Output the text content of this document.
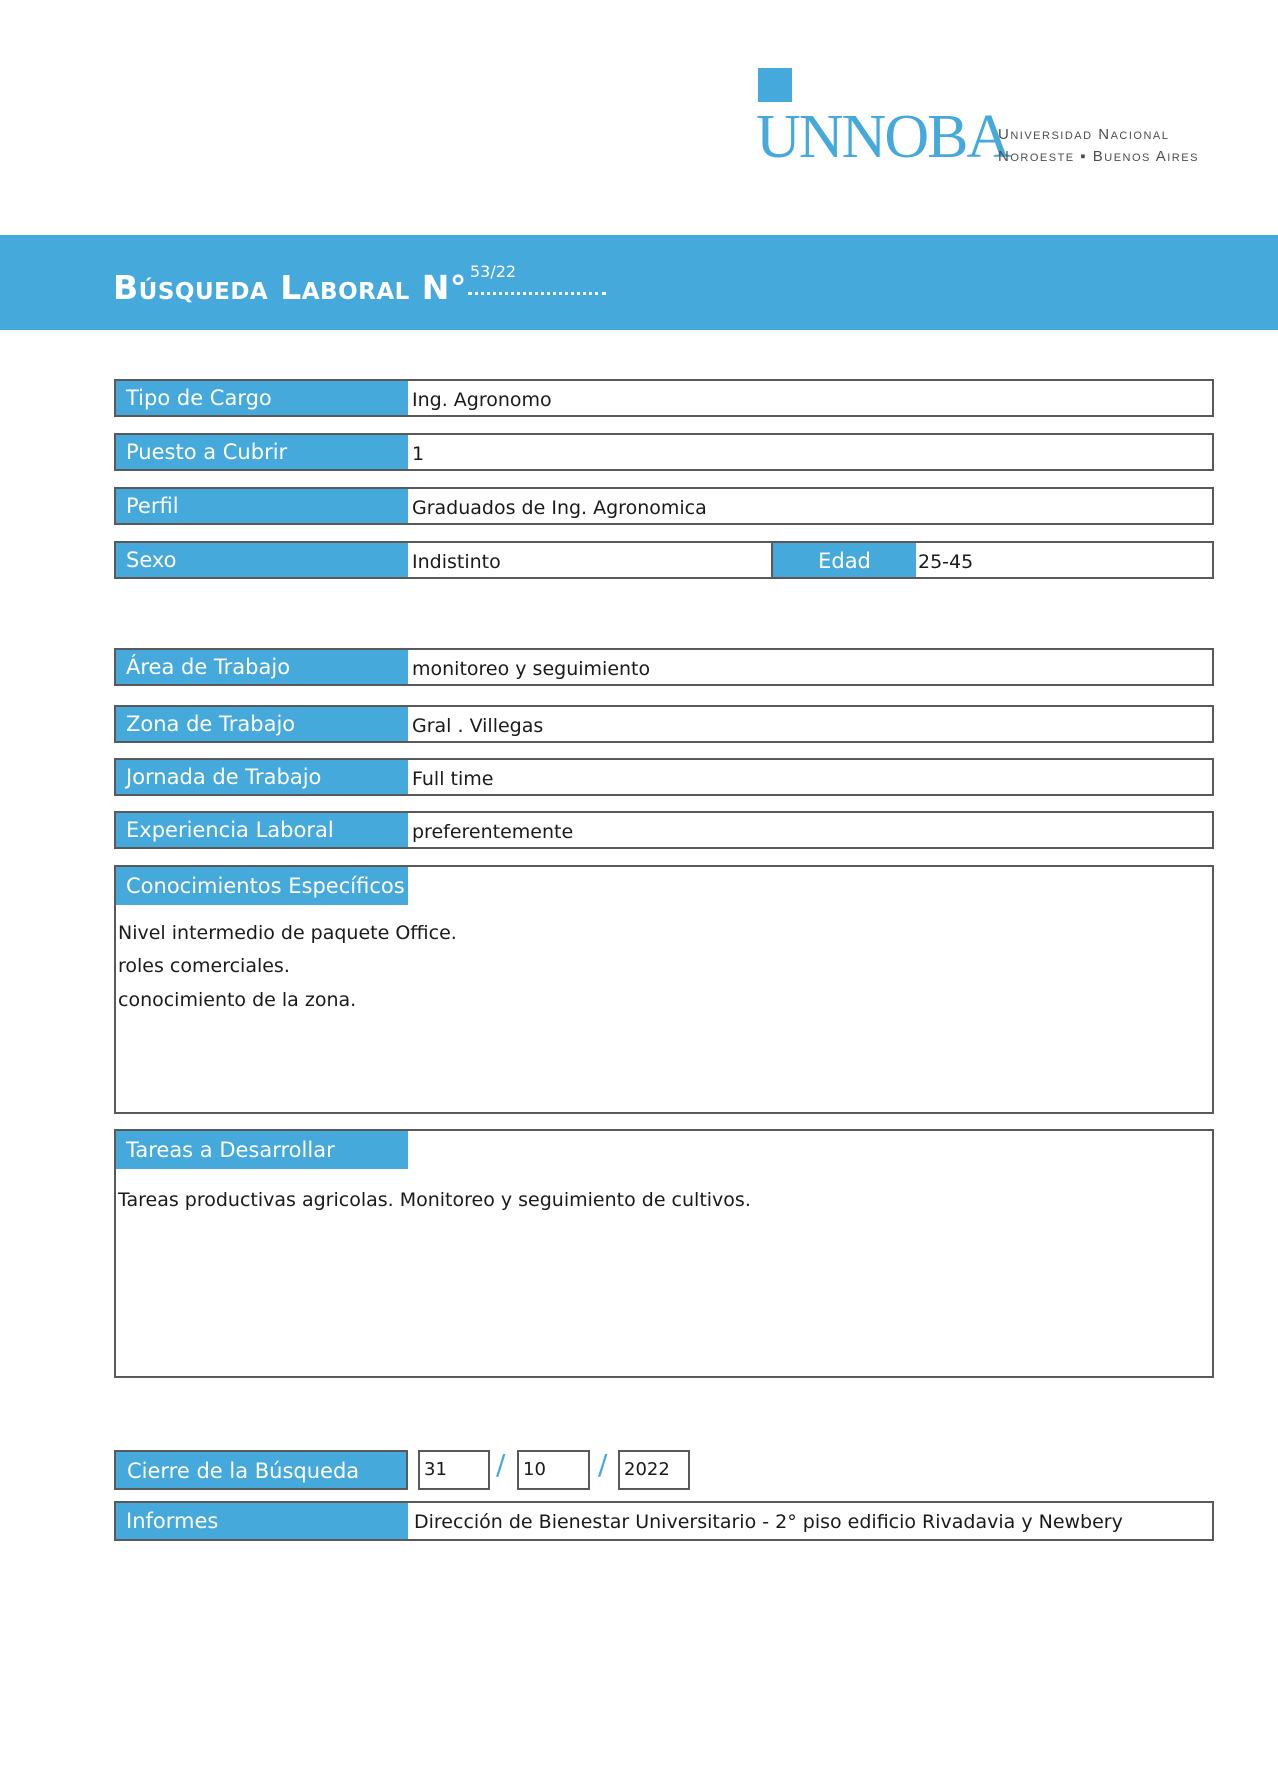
UNNOBA
Universidad Nacional
Noroeste ▪ Buenos Aires
Búsqueda Laboral N° 53/22
Tipo de Cargo	Ing. Agronomo
Puesto a Cubrir	1
Perfil	Graduados de Ing. Agronomica
Sexo	Indistinto	Edad	25-45
Área de Trabajo	monitoreo y seguimiento
Zona de Trabajo	Gral . Villegas
Jornada de Trabajo	Full time
Experiencia Laboral	preferentemente
Conocimientos Específicos
Nivel intermedio de paquete Office.
roles comerciales.
conocimiento de la zona.
Tareas a Desarrollar
Tareas productivas agricolas. Monitoreo y seguimiento de cultivos.
Cierre de la Búsqueda	31	/ 10	/ 2022
Informes	Dirección de Bienestar Universitario - 2° piso edificio Rivadavia y Newbery
